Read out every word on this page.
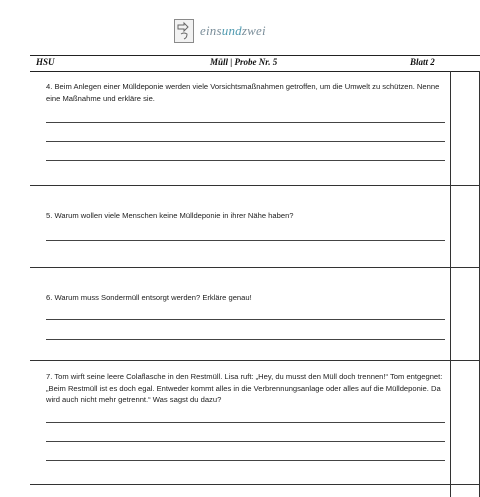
einsundzwei
HSU	Müll | Probe Nr. 5	Blatt 2
4. Beim Anlegen einer Mülldeponie werden viele Vorsichtsmaßnahmen getroffen, um die Umwelt zu schützen. Nenne eine Maßnahme und erkläre sie.
5. Warum wollen viele Menschen keine Mülldeponie in ihrer Nähe haben?
6. Warum muss Sondermüll entsorgt werden? Erkläre genau!
7. Tom wirft seine leere Colaflasche in den Restmüll. Lisa ruft: „Hey, du musst den Müll doch trennen!“ Tom entgegnet: „Beim Restmüll ist es doch egal. Entweder kommt alles in die Verbrennungsanlage oder alles auf die Mülldeponie. Da wird auch nicht mehr getrennt.“ Was sagst du dazu?
